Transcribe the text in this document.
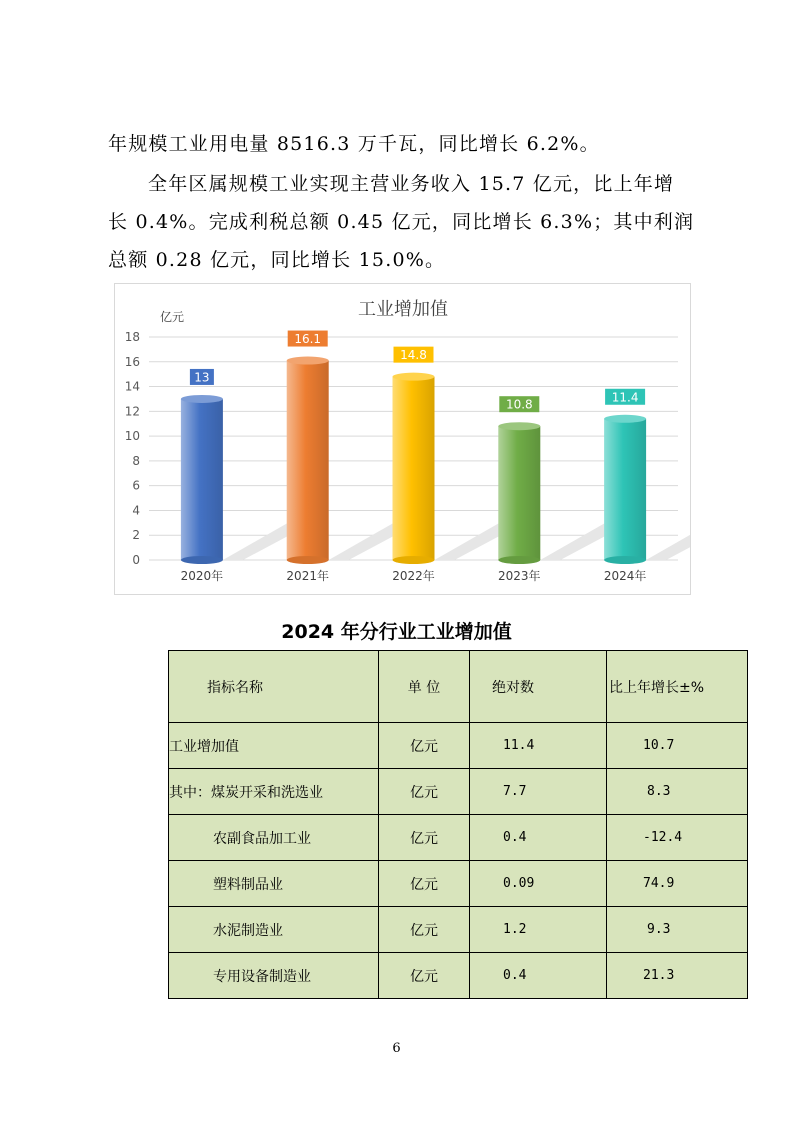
年规模工业用电量 8516.3 万千瓦，同比增长 6.2%。

全年区属规模工业实现主营业务收入 15.7 亿元，比上年增

长 0.4%。完成利税总额 0.45 亿元，同比增长 6.3%；其中利润

总额 0.28 亿元，同比增长 15.0%。

工业增加值
亿元
0
2
4
6
8
10
12
14
16
18
13
16.1
14.8
10.8
11.4
2020年	2021年	2022年	2023年	2024年
2024 年分行业工业增加值
指标名称	单 位	绝对数	比上年增长±%
工业增加值	亿元	11.4	10.7
其中：煤炭开采和洗选业	亿元	7.7	8.3
农副食品加工业	亿元	0.4	-12.4
塑料制品业	亿元	0.09	74.9
水泥制造业	亿元	1.2	9.3
专用设备制造业	亿元	0.4	21.3
6
